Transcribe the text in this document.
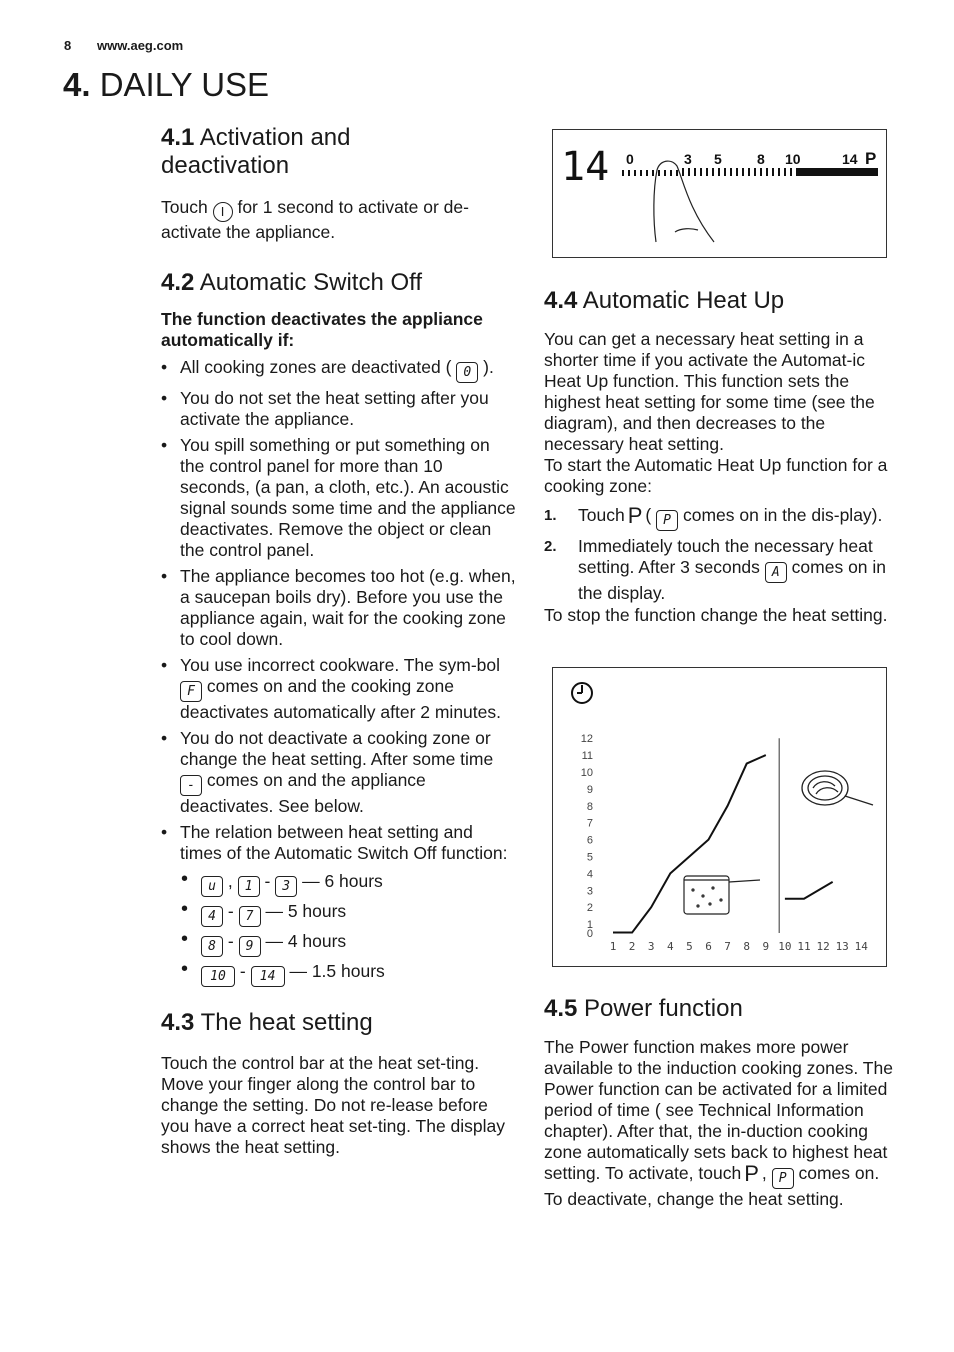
8 www.aeg.com
4. DAILY USE
4.1 Activation and deactivation
Touch I for 1 second to activate or de-activate the appliance.
4.2 Automatic Switch Off
The function deactivates the appliance automatically if:
• All cooking zones are deactivated ( 0 ).
• You do not set the heat setting after you activate the appliance.
• You spill something or put something on the control panel for more than 10 seconds, (a pan, a cloth, etc.). An acoustic signal sounds some time and the appliance deactivates. Remove the object or clean the control panel.
• The appliance becomes too hot (e.g. when, a saucepan boils dry). Before you use the appliance again, wait for the cooking zone to cool down.
• You use incorrect cookware. The sym-bol F comes on and the cooking zone deactivates automatically after 2 minutes.
• You do not deactivate a cooking zone or change the heat setting. After some time - comes on and the appliance deactivates. See below.
• The relation between heat setting and times of the Automatic Switch Off function:
• u , 1 - 3 — 6 hours
• 4 - 7 — 5 hours
• 8 - 9 — 4 hours
• 10 - 14 — 1.5 hours
4.3 The heat setting
Touch the control bar at the heat set-ting. Move your finger along the control bar to change the setting. Do not re-lease before you have a correct heat set-ting. The display shows the heat setting.
14 0	3 5	8 10	14 P
4.4 Automatic Heat Up
You can get a necessary heat setting in a shorter time if you activate the Automat-ic Heat Up function. This function sets the highest heat setting for some time (see the diagram), and then decreases to the necessary heat setting.
To start the Automatic Heat Up function for a cooking zone:
1. Touch P ( P comes on in the dis-play).
2. Immediately touch the necessary heat setting. After 3 seconds A comes on in the display.
To stop the function change the heat setting.
0
1
2
3
4
5
6
7
8
9
10
11
12
1 2 3 4 5 6 7 8 9 10 11 12 13 14
4.5 Power function
The Power function makes more power available to the induction cooking zones. The Power function can be activated for a limited period of time ( see Technical Information chapter). After that, the in-duction cooking zone automatically sets back to highest heat setting. To activate, touch P , P comes on. To deactivate, change the heat setting.
